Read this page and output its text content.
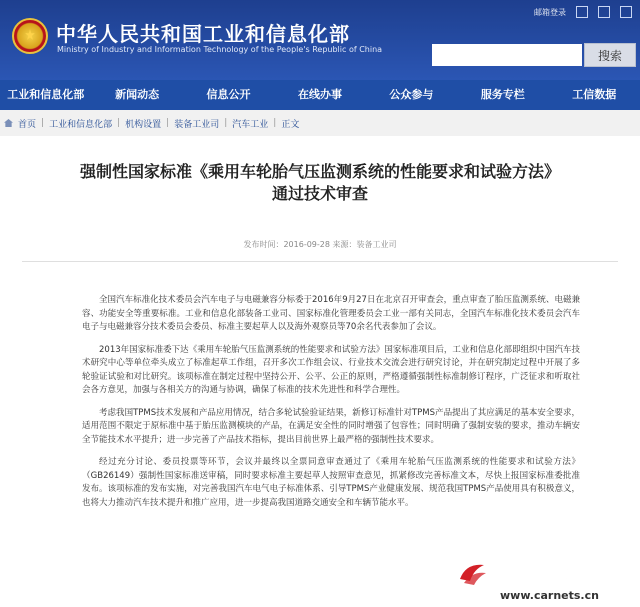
中华人民共和国工业和信息化部
Ministry of Industry and Information Technology of the People's Republic of China
邮箱登录
搜索
工业和信息化部	新闻动态	信息公开	在线办事	公众参与	服务专栏	工信数据
首页 | 工业和信息化部 | 机构设置 | 装备工业司 | 汽车工业 | 正文
强制性国家标准《乘用车轮胎气压监测系统的性能要求和试验方法》
通过技术审查
发布时间：2016-09-28 来源：装备工业司

全国汽车标准化技术委员会汽车电子与电磁兼容分标委于2016年9月27日在北京召开审查会，重点审查了胎压监测系统、电磁兼容、功能安全等重要标准。工业和信息化部装备工业司、国家标准化管理委员会工业一部有关同志，全国汽车标准化技术委员会汽车电子与电磁兼容分技术委员会委员、标准主要起草人以及海外观察员等70余名代表参加了会议。

2013年国家标准委下达《乘用车轮胎气压监测系统的性能要求和试验方法》国家标准项目后，工业和信息化部即组织中国汽车技术研究中心等单位牵头成立了标准起草工作组，召开多次工作组会议、行业技术交流会进行研究讨论，并在研究制定过程中开展了多轮验证试验和对比研究。该项标准在制定过程中坚持公开、公平、公正的原则，严格遵循强制性标准制修订程序，广泛征求和听取社会各方意见，加强与各相关方的沟通与协调，确保了标准的技术先进性和科学合理性。

考虑我国TPMS技术发展和产品应用情况，结合多轮试验验证结果，新修订标准针对TPMS产品提出了其应满足的基本安全要求，适用范围不限定于原标准中基于胎压监测模块的产品，在满足安全性的同时增强了包容性；同时明确了强制安装的要求，推动车辆安全节能技术水平提升；进一步完善了产品技术指标，提出目前世界上最严格的强制性技术要求。

经过充分讨论、委员投票等环节，会议并最终以全票同意审查通过了《乘用车轮胎气压监测系统的性能要求和试验方法》（GB26149）强制性国家标准送审稿，同时要求标准主要起草人按照审查意见，抓紧修改完善标准文本，尽快上报国家标准委批准发布。该项标准的发布实施，对完善我国汽车电气电子标准体系、引导TPMS产业健康发展、规范我国TPMS产品使用具有积极意义，也将大力推动汽车技术提升和推广应用，进一步提高我国道路交通安全和车辆节能水平。

车网中国
www.carnets.cn
